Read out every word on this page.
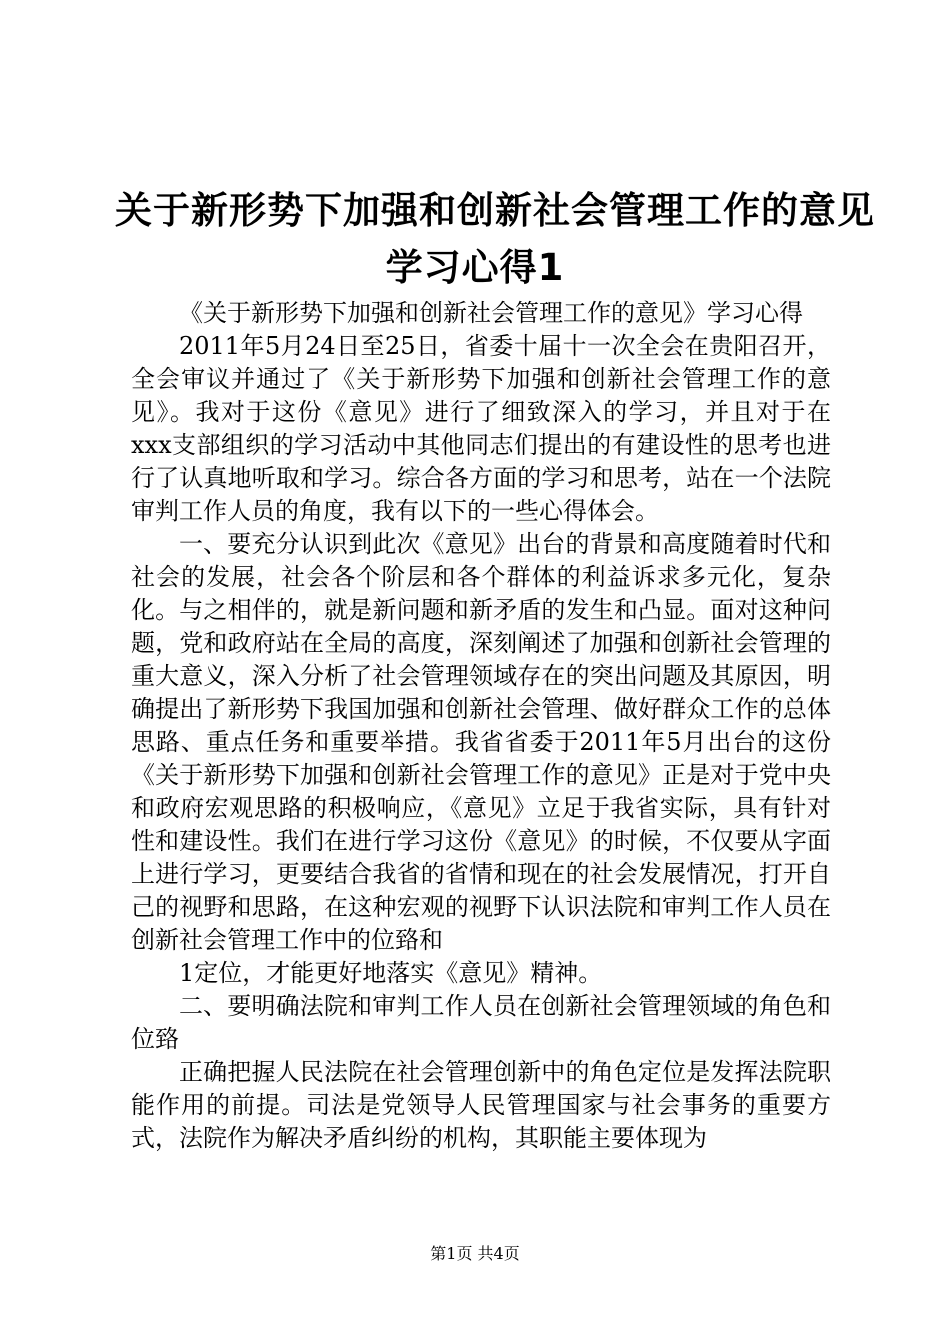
关于新形势下加强和创新社会管理工作的意见
学习心得1

《关于新形势下加强和创新社会管理工作的意见》学习心得

2011年5月24日至25日，省委十届十一次全会在贵阳召开，全会审议并通过了《关于新形势下加强和创新社会管理工作的意见》。我对于这份《意见》进行了细致深入的学习，并且对于在xxx支部组织的学习活动中其他同志们提出的有建设性的思考也进行了认真地听取和学习。综合各方面的学习和思考，站在一个法院审判工作人员的角度，我有以下的一些心得体会。

一、要充分认识到此次《意见》出台的背景和高度随着时代和社会的发展，社会各个阶层和各个群体的利益诉求多元化，复杂化。与之相伴的，就是新问题和新矛盾的发生和凸显。面对这种问题，党和政府站在全局的高度，深刻阐述了加强和创新社会管理的重大意义，深入分析了社会管理领域存在的突出问题及其原因，明确提出了新形势下我国加强和创新社会管理、做好群众工作的总体思路、重点任务和重要举措。我省省委于2011年5月出台的这份《关于新形势下加强和创新社会管理工作的意见》正是对于党中央和政府宏观思路的积极响应，《意见》立足于我省实际，具有针对性和建设性。我们在进行学习这份《意见》的时候，不仅要从字面上进行学习，更要结合我省的省情和现在的社会发展情况，打开自己的视野和思路，在这种宏观的视野下认识法院和审判工作人员在创新社会管理工作中的位臵和

1定位，才能更好地落实《意见》精神。

二、要明确法院和审判工作人员在创新社会管理领域的角色和位臵

正确把握人民法院在社会管理创新中的角色定位是发挥法院职能作用的前提。司法是党领导人民管理国家与社会事务的重要方式，法院作为解决矛盾纠纷的机构，其职能主要体现为

第1页 共4页
